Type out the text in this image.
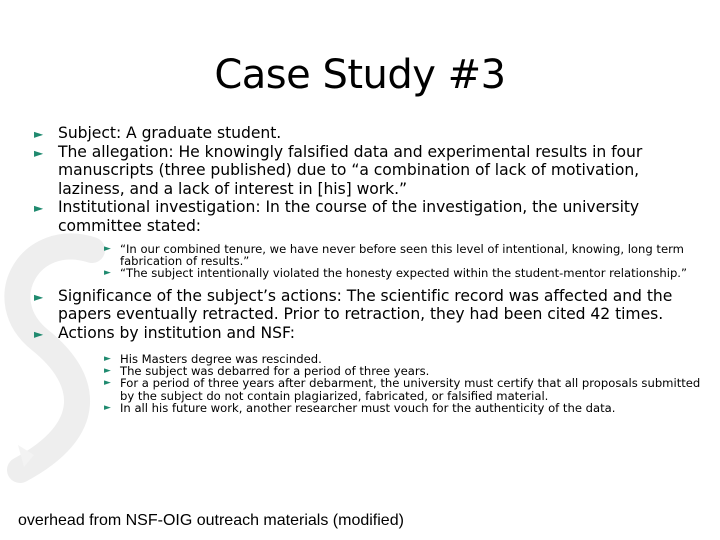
Case Study #3
► Subject: A graduate student.
► The allegation: He knowingly falsified data and experimental results in four manuscripts (three published) due to “a combination of lack of motivation, laziness, and a lack of interest in [his] work.”
► Institutional investigation: In the course of the investigation, the university committee stated:
► “In our combined tenure, we have never before seen this level of intentional, knowing, long term fabrication of results.”
► “The subject intentionally violated the honesty expected within the student-mentor relationship.”
► Significance of the subject’s actions: The scientific record was affected and the papers eventually retracted. Prior to retraction, they had been cited 42 times.
► Actions by institution and NSF:
► His Masters degree was rescinded.
► The subject was debarred for a period of three years.
► For a period of three years after debarment, the university must certify that all proposals submitted by the subject do not contain plagiarized, fabricated, or falsified material.
► In all his future work, another researcher must vouch for the authenticity of the data.
overhead from NSF-OIG outreach materials (modified)
